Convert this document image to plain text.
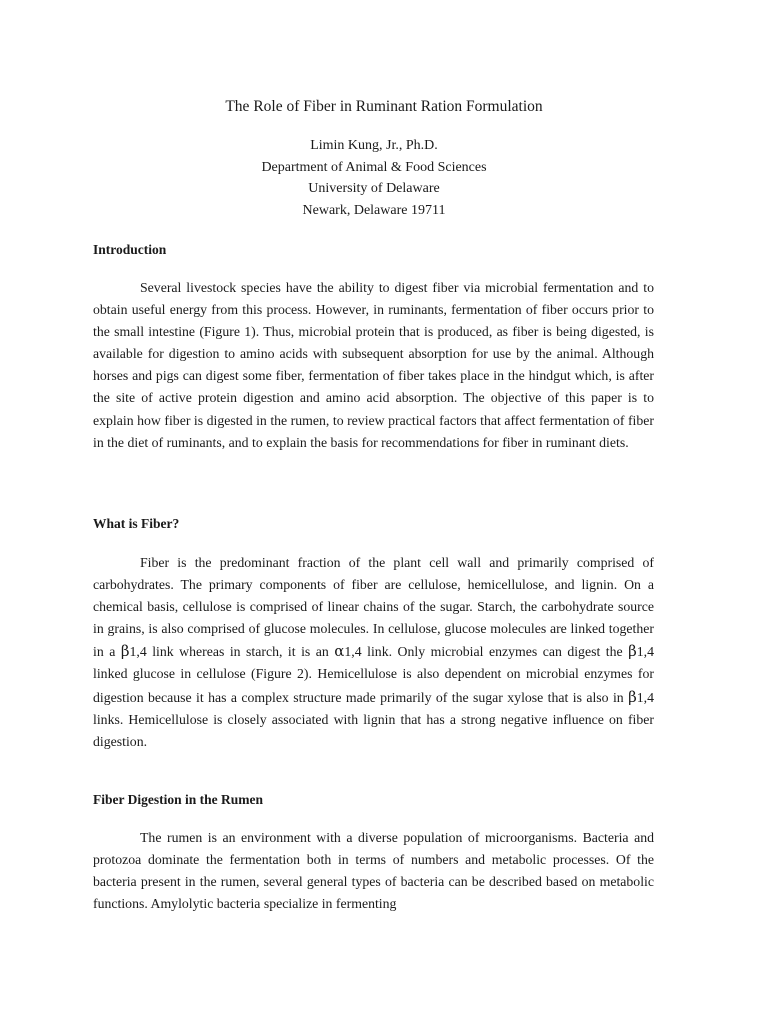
The Role of Fiber in Ruminant Ration Formulation
Limin Kung, Jr., Ph.D.
Department of Animal & Food Sciences
University of Delaware
Newark, Delaware 19711
Introduction

Several livestock species have the ability to digest fiber via microbial fermentation and to obtain useful energy from this process. However, in ruminants, fermentation of fiber occurs prior to the small intestine (Figure 1). Thus, microbial protein that is produced, as fiber is being digested, is available for digestion to amino acids with subsequent absorption for use by the animal. Although horses and pigs can digest some fiber, fermentation of fiber takes place in the hindgut which, is after the site of active protein digestion and amino acid absorption. The objective of this paper is to explain how fiber is digested in the rumen, to review practical factors that affect fermentation of fiber in the diet of ruminants, and to explain the basis for recommendations for fiber in ruminant diets.

What is Fiber?

Fiber is the predominant fraction of the plant cell wall and primarily comprised of carbohydrates. The primary components of fiber are cellulose, hemicellulose, and lignin. On a chemical basis, cellulose is comprised of linear chains of the sugar. Starch, the carbohydrate source in grains, is also comprised of glucose molecules. In cellulose, glucose molecules are linked together in a β1,4 link whereas in starch, it is an α1,4 link. Only microbial enzymes can digest the β1,4 linked glucose in cellulose (Figure 2). Hemicellulose is also dependent on microbial enzymes for digestion because it has a complex structure made primarily of the sugar xylose that is also in β1,4 links. Hemicellulose is closely associated with lignin that has a strong negative influence on fiber digestion.

Fiber Digestion in the Rumen

The rumen is an environment with a diverse population of microorganisms. Bacteria and protozoa dominate the fermentation both in terms of numbers and metabolic processes. Of the bacteria present in the rumen, several general types of bacteria can be described based on metabolic functions. Amylolytic bacteria specialize in fermenting
